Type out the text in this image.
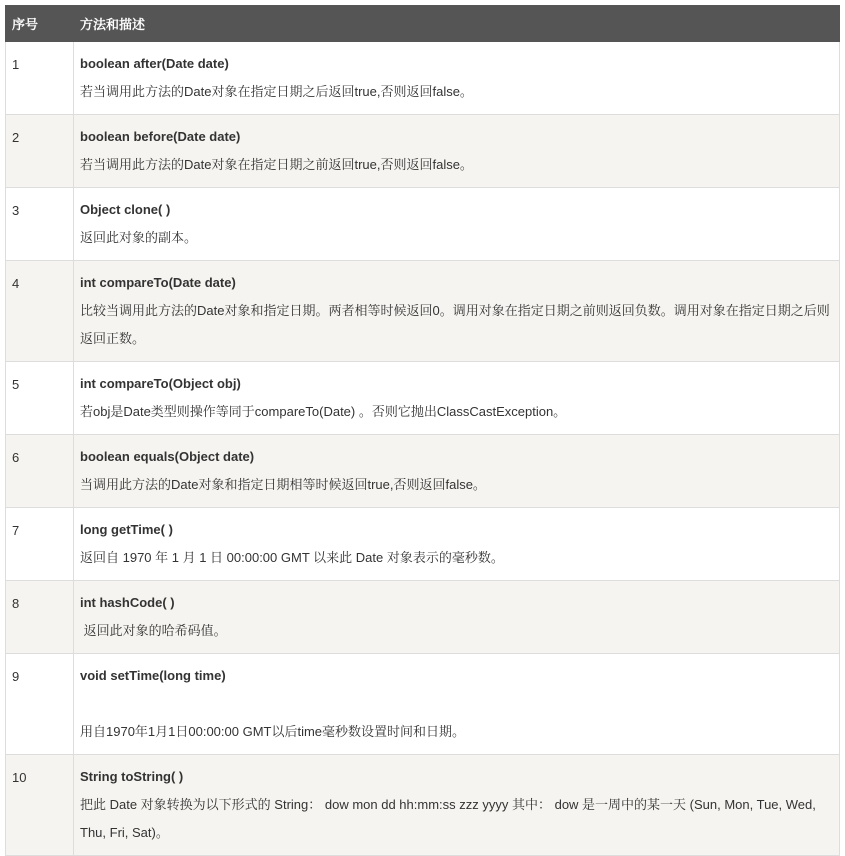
序号	方法和描述
1	boolean after(Date date)
若当调用此方法的Date对象在指定日期之后返回true,否则返回false。

2	boolean before(Date date)
若当调用此方法的Date对象在指定日期之前返回true,否则返回false。

3	Object clone( )
返回此对象的副本。

4	int compareTo(Date date)
比较当调用此方法的Date对象和指定日期。两者相等时候返回0。调用对象在指定日期之前则返回负数。调用对象在指定日期之后则返回正数。

5	int compareTo(Object obj)
若obj是Date类型则操作等同于compareTo(Date) 。否则它抛出ClassCastException。

6	boolean equals(Object date)
当调用此方法的Date对象和指定日期相等时候返回true,否则返回false。

7	long getTime( )
返回自 1970 年 1 月 1 日 00:00:00 GMT 以来此 Date 对象表示的毫秒数。

8	int hashCode( )
返回此对象的哈希码值。

9	void setTime(long time)
用自1970年1月1日00:00:00 GMT以后time毫秒数设置时间和日期。

10	String toString( )
把此 Date 对象转换为以下形式的 String： dow mon dd hh:mm:ss zzz yyyy 其中： dow 是一周中的某一天 (Sun, Mon, Tue, Wed, Thu, Fri, Sat)。
